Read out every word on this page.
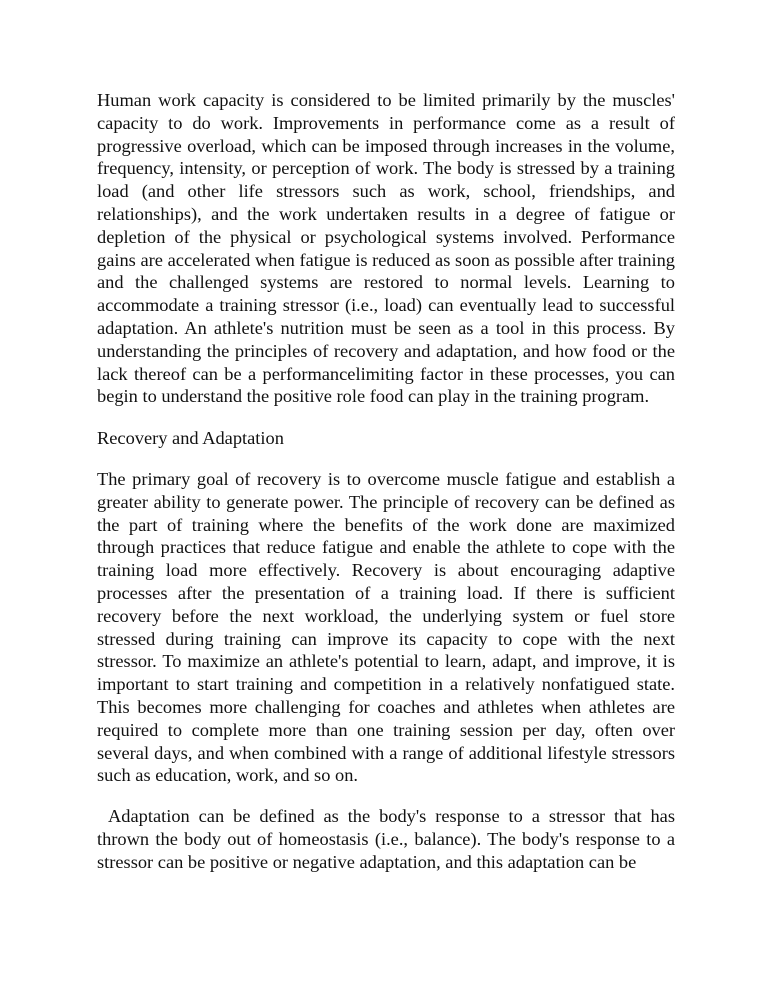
Human work capacity is considered to be limited primarily by the muscles' capacity to do work. Improvements in performance come as a result of progressive overload, which can be imposed through increases in the volume, frequency, intensity, or perception of work. The body is stressed by a training load (and other life stressors such as work, school, friendships, and relationships), and the work undertaken results in a degree of fatigue or depletion of the physical or psychological systems involved. Performance gains are accelerated when fatigue is reduced as soon as possible after training and the challenged systems are restored to normal levels. Learning to accommodate a training stressor (i.e., load) can eventually lead to successful adaptation. An athlete's nutrition must be seen as a tool in this process. By understanding the principles of recovery and adaptation, and how food or the lack thereof can be a performancelimiting factor in these processes, you can begin to understand the positive role food can play in the training program.

Recovery and Adaptation

The primary goal of recovery is to overcome muscle fatigue and establish a greater ability to generate power. The principle of recovery can be defined as the part of training where the benefits of the work done are maximized through practices that reduce fatigue and enable the athlete to cope with the training load more effectively. Recovery is about encouraging adaptive processes after the presentation of a training load. If there is sufficient recovery before the next workload, the underlying system or fuel store stressed during training can improve its capacity to cope with the next stressor. To maximize an athlete's potential to learn, adapt, and improve, it is important to start training and competition in a relatively nonfatigued state. This becomes more challenging for coaches and athletes when athletes are required to complete more than one training session per day, often over several days, and when combined with a range of additional lifestyle stressors such as education, work, and so on.

Adaptation can be defined as the body's response to a stressor that has thrown the body out of homeostasis (i.e., balance). The body's response to a stressor can be positive or negative adaptation, and this adaptation can be
